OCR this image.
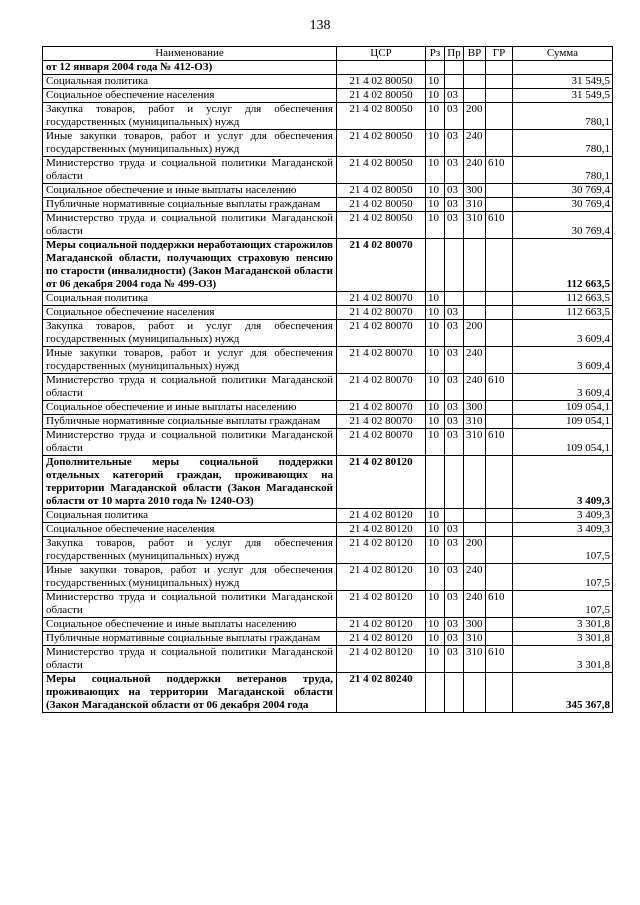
138
Наименование	ЦСР	Рз	Пр	ВР	ГР	Сумма
от 12 января 2004 года № 412-ОЗ)						
Социальная политика	21 4 02 80050	10				31 549,5
Социальное обеспечение населения	21 4 02 80050	10	03			31 549,5
Закупка товаров, работ и услуг для обеспечения государственных (муниципальных) нужд	21 4 02 80050	10	03	200		780,1
Иные закупки товаров, работ и услуг для обеспечения государственных (муниципальных) нужд	21 4 02 80050	10	03	240		780,1
Министерство труда и социальной политики Магаданской области	21 4 02 80050	10	03	240	610	780,1
Социальное обеспечение и иные выплаты населению	21 4 02 80050	10	03	300		30 769,4
Публичные нормативные социальные выплаты гражданам	21 4 02 80050	10	03	310		30 769,4
Министерство труда и социальной политики Магаданской области	21 4 02 80050	10	03	310	610	30 769,4
Меры социальной поддержки неработающих старожилов Магаданской области, получающих страховую пенсию по старости (инвалидности) (Закон Магаданской области от 06 декабря 2004 года № 499-ОЗ)	21 4 02 80070					112 663,5
Социальная политика	21 4 02 80070	10				112 663,5
Социальное обеспечение населения	21 4 02 80070	10	03			112 663,5
Закупка товаров, работ и услуг для обеспечения государственных (муниципальных) нужд	21 4 02 80070	10	03	200		3 609,4
Иные закупки товаров, работ и услуг для обеспечения государственных (муниципальных) нужд	21 4 02 80070	10	03	240		3 609,4
Министерство труда и социальной политики Магаданской области	21 4 02 80070	10	03	240	610	3 609,4
Социальное обеспечение и иные выплаты населению	21 4 02 80070	10	03	300		109 054,1
Публичные нормативные социальные выплаты гражданам	21 4 02 80070	10	03	310		109 054,1
Министерство труда и социальной политики Магаданской области	21 4 02 80070	10	03	310	610	109 054,1
Дополнительные меры социальной поддержки отдельных категорий граждан, проживающих на территории Магаданской области (Закон Магаданской области от 10 марта 2010 года № 1240-ОЗ)	21 4 02 80120					3 409,3
Социальная политика	21 4 02 80120	10				3 409,3
Социальное обеспечение населения	21 4 02 80120	10	03			3 409,3
Закупка товаров, работ и услуг для обеспечения государственных (муниципальных) нужд	21 4 02 80120	10	03	200		107,5
Иные закупки товаров, работ и услуг для обеспечения государственных (муниципальных) нужд	21 4 02 80120	10	03	240		107,5
Министерство труда и социальной политики Магаданской области	21 4 02 80120	10	03	240	610	107,5
Социальное обеспечение и иные выплаты населению	21 4 02 80120	10	03	300		3 301,8
Публичные нормативные социальные выплаты гражданам	21 4 02 80120	10	03	310		3 301,8
Министерство труда и социальной политики Магаданской области	21 4 02 80120	10	03	310	610	3 301,8
Меры социальной поддержки ветеранов труда, проживающих на территории Магаданской области (Закон Магаданской области от 06 декабря 2004 года	21 4 02 80240					345 367,8
